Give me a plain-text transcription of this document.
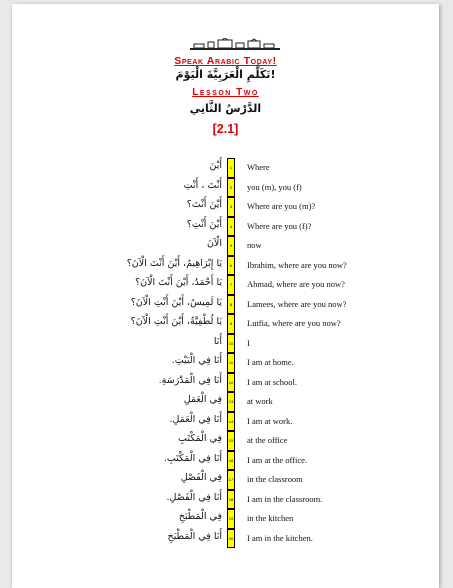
Speak Arabic Today!
تَكَلَّمِ الْعَرَبِيَّةَ الْيَوْمَ!
Lesson Two
الدَّرْسُ الثَّانِي
[2.1]
أَيْنَ	1	Where
أَنْتَ ، أَنْتِ	2	you (m), you (f)
أَيْنَ أَنْتَ؟	3	Where are you (m)?
أَيْنَ أَنْتِ؟	4	Where are you (f)?
الْآنَ	5	now
يَا إِبْرَاهِيمُ، أَيْنَ أَنْتَ الْآنَ؟	6	Ibrahim, where are you now?
يَا أَحْمَدُ، أَيْنَ أَنْتَ الْآنَ؟	7	Ahmad, where are you now?
يَا لَمِيسُ، أَيْنَ أَنْتِ الْآنَ؟	8	Lamees, where are you now?
يَا لُطْفِيَّةُ، أَيْنَ أَنْتِ الْآنَ؟	9	Lutfia, where are you now?
أَنَا	10 I
أَنَا فِي الْبَيْتِ.	11 I am at home.
أَنَا فِي الْمَدْرَسَةِ.	12 I am at school.
فِي الْعَمَلِ	13 at work
أَنَا فِي الْعَمَلِ.	14 I am at work.
فِي الْمَكْتَبِ	15 at the office
أَنَا فِي الْمَكْتَبِ.	16 I am at the office.
فِي الْفَصْلِ	17 in the classroom
أَنَا فِي الْفَصْلِ.	18 I am in the classroom.
فِي الْمَطْبَخِ	19 in the kitchen
أَنَا فِي الْمَطْبَخِ	20 I am in the kitchen.
